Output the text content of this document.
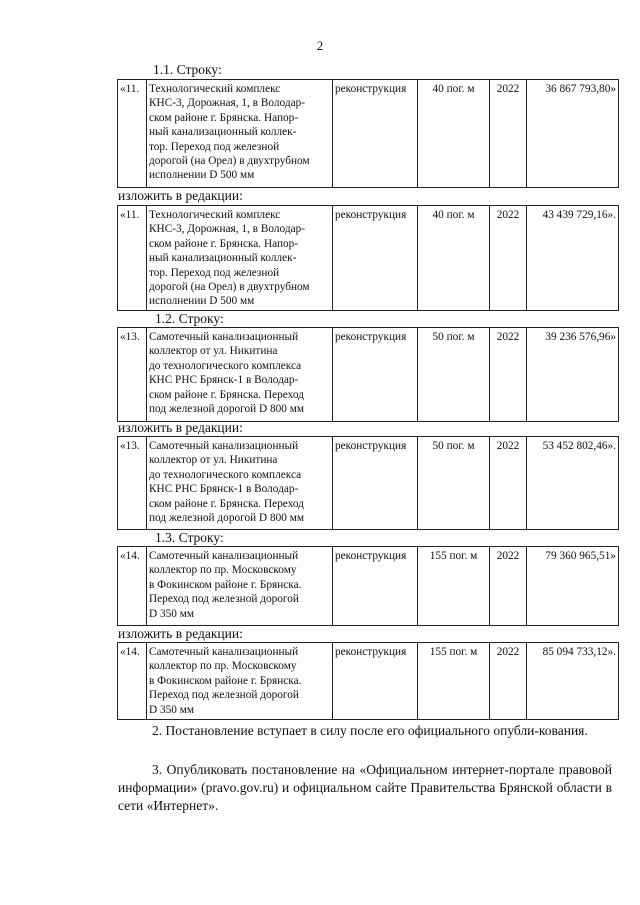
2
1.1. Строку:
«11.	Технологический комплекс
КНС-3, Дорожная, 1, в Володар-
ском районе г. Брянска. Напор-
ный канализационный коллек-
тор. Переход под железной
дорогой (на Орел) в двухтрубном
исполнении D 500 мм
	реконструкция	40 пог. м	2022	36 867 793,80»
изложить в редакции:
«11.	Технологический комплекс
КНС-3, Дорожная, 1, в Володар-
ском районе г. Брянска. Напор-
ный канализационный коллек-
тор. Переход под железной
дорогой (на Орел) в двухтрубном
исполнении D 500 мм
	реконструкция	40 пог. м	2022	43 439 729,16».
1.2. Строку:
«13.	Самотечный канализационный
коллектор от ул. Никитина
до технологического комплекса
КНС РНС Брянск-1 в Володар-
ском районе г. Брянска. Переход
под железной дорогой D 800 мм
	реконструкция	50 пог. м	2022	39 236 576,96»
изложить в редакции:
«13.	Самотечный канализационный
коллектор от ул. Никитина
до технологического комплекса
КНС РНС Брянск-1 в Володар-
ском районе г. Брянска. Переход
под железной дорогой D 800 мм
	реконструкция	50 пог. м	2022	53 452 802,46».
1.3. Строку:
«14.	Самотечный канализационный
коллектор по пр. Московскому
в Фокинском районе г. Брянска.
Переход под железной дорогой
D 350 мм
	реконструкция	155 пог. м	2022	79 360 965,51»
изложить в редакции:
«14.	Самотечный канализационный
коллектор по пр. Московскому
в Фокинском районе г. Брянска.
Переход под железной дорогой
D 350 мм
	реконструкция	155 пог. м	2022	85 094 733,12».
2. Постановление вступает в силу после его официального опубли-кования.
3. Опубликовать постановление на «Официальном интернет-портале правовой информации» (pravo.gov.ru) и официальном сайте Правительства Брянской области в сети «Интернет».
